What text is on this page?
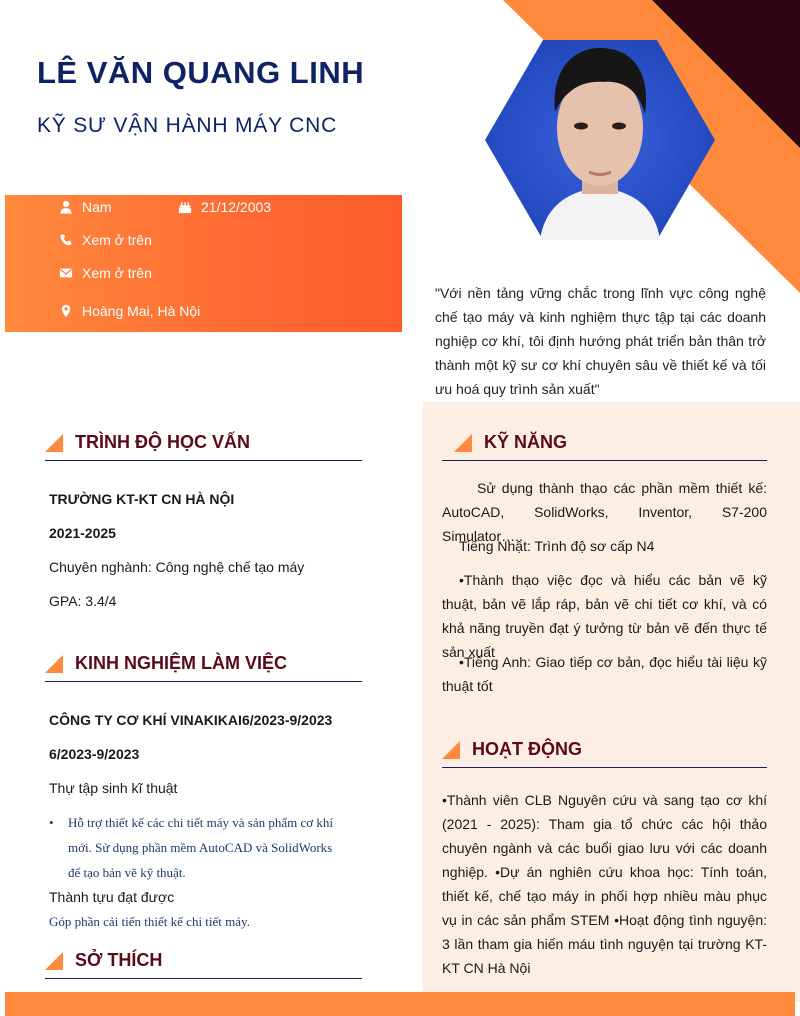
LÊ VĂN QUANG LINH
KỸ SƯ VẬN HÀNH MÁY CNC
Nam	21/12/2003
Xem ở trên
Xem ở trên
Hoàng Mai, Hà Nội
"Với nền tảng vững chắc trong lĩnh vực công nghệ chế tạo máy và kinh nghiệm thực tập tại các doanh nghiệp cơ khí, tôi định hướng phát triển bản thân trở thành một kỹ sư cơ khí chuyên sâu về thiết kế và tối ưu hoá quy trình sản xuất"
TRÌNH ĐỘ HỌC VẤN
TRƯỜNG KT-KT CN HÀ NỘI
2021-2025
Chuyên nghành: Công nghệ chế tạo máy
GPA: 3.4/4
KINH NGHIỆM LÀM VIỆC
CÔNG TY CƠ KHÍ VINAKIKAI 6/2023-9/2023
6/2023-9/2023
Thự tập sinh kĩ thuật
• Hỗ trợ thiết kế các chi tiết máy và sản phẩm cơ khí
mới. Sử dụng phần mềm AutoCAD và SolidWorks
để tạo bản vẽ kỹ thuật.
Thành tựu đạt được
Góp phần cải tiến thiết kế chi tiết máy.
SỞ THÍCH
KỸ NĂNG
Sử dụng thành thạo các phần mềm thiết kế: AutoCAD, SolidWorks, Inventor, S7-200 Simulator…..
Tiếng Nhật: Trình độ sơ cấp N4
•Thành thạo việc đọc và hiểu các bản vẽ kỹ thuật, bản vẽ lắp ráp, bản vẽ chi tiết cơ khí, và có khả năng truyền đạt ý tưởng từ bản vẽ đến thực tế sản xuất
•Tiếng Anh: Giao tiếp cơ bản, đọc hiểu tài liệu kỹ thuật tốt
HOẠT ĐỘNG
•Thành viên CLB Nguyên cứu và sang tạo cơ khí (2021 - 2025): Tham gia tổ chức các hội thảo chuyên ngành và các buổi giao lưu với các doanh nghiệp. •Dự án nghiên cứu khoa học: Tính toán, thiết kế, chế tạo máy in phối hợp nhiều màu phục vụ in các sản phẩm STEM •Hoạt động tình nguyện: 3 lần tham gia hiến máu tình nguyện tại trường KT-KT CN Hà Nội
